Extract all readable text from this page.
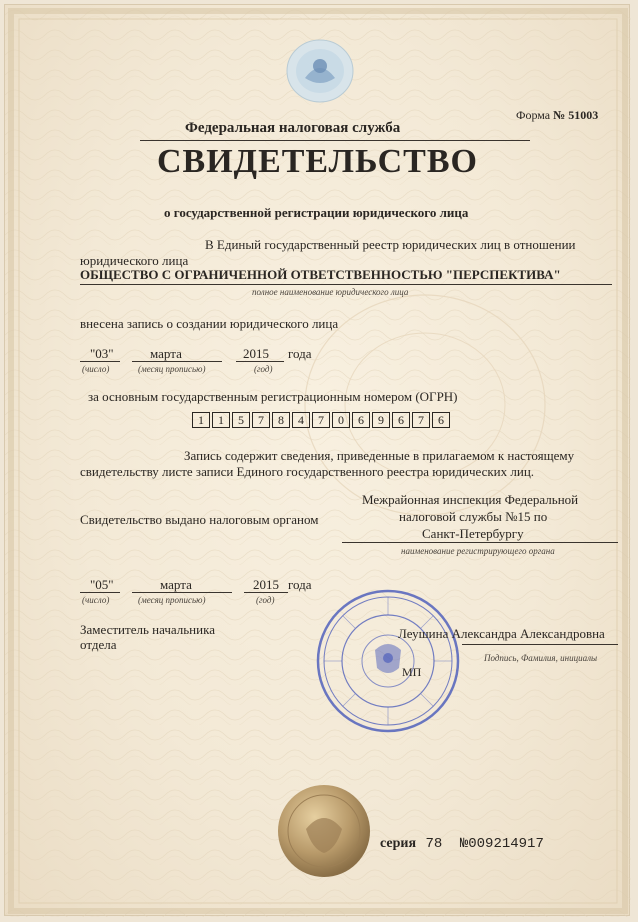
Форма № 51003
Федеральная налоговая служба
СВИДЕТЕЛЬСТВО
о государственной регистрации юридического лица
В Единый государственный реестр юридических лиц в отношении
юридического лица
ОБЩЕСТВО С ОГРАНИЧЕННОЙ ОТВЕТСТВЕННОСТЬЮ "ПЕРСПЕКТИВА"
полное наименование юридического лица
внесена запись о создании юридического лица
"03"	марта	2015 года
(число)	(месяц прописью)	(год)
за основным государственным регистрационным номером (ОГРН)
1	1	5	7	8	4	7	0	6	9	6	7	6
Запись содержит сведения, приведенные в прилагаемом к настоящему
свидетельству листе записи Единого государственного реестра юридических лиц.
Свидетельство выдано налоговым органом
Межрайонная инспекция Федеральной
налоговой службы №15 по
Санкт-Петербургу
наименование регистрирующего органа
"05"	марта	2015 года
(число)	(месяц прописью)	(год)
Заместитель начальника
отдела
Леушина Александра Александровна
Подпись, Фамилия, инициалы
МП
серия 78 №009214917
